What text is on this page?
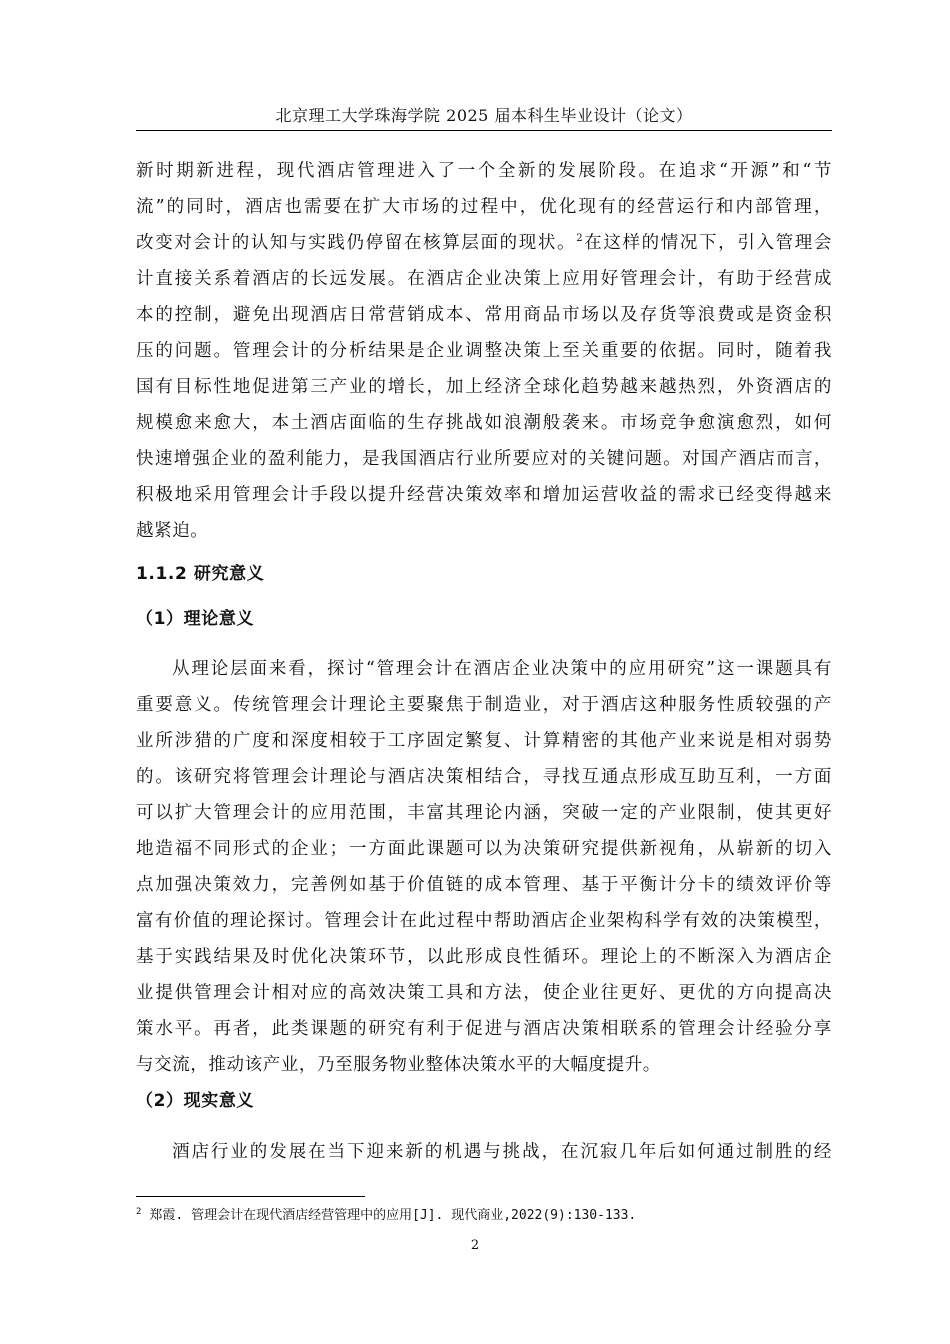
北京理工大学珠海学院 2025 届本科生毕业设计（论文）
新时期新进程，现代酒店管理进入了一个全新的发展阶段。在追求“开源”和“节
流”的同时，酒店也需要在扩大市场的过程中，优化现有的经营运行和内部管理，
改变对会计的认知与实践仍停留在核算层面的现状。$^2$在这样的情况下，引入管理会
计直接关系着酒店的长远发展。在酒店企业决策上应用好管理会计，有助于经营成
本的控制，避免出现酒店日常营销成本、常用商品市场以及存货等浪费或是资金积
压的问题。管理会计的分析结果是企业调整决策上至关重要的依据。同时，随着我
国有目标性地促进第三产业的增长，加上经济全球化趋势越来越热烈，外资酒店的
规模愈来愈大，本土酒店面临的生存挑战如浪潮般袭来。市场竞争愈演愈烈，如何
快速增强企业的盈利能力，是我国酒店行业所要应对的关键问题。对国产酒店而言，
积极地采用管理会计手段以提升经营决策效率和增加运营收益的需求已经变得越来
越紧迫。
1.1.2 研究意义
（1）理论意义
从理论层面来看，探讨“管理会计在酒店企业决策中的应用研究”这一课题具有
重要意义。传统管理会计理论主要聚焦于制造业，对于酒店这种服务性质较强的产
业所涉猎的广度和深度相较于工序固定繁复、计算精密的其他产业来说是相对弱势
的。该研究将管理会计理论与酒店决策相结合，寻找互通点形成互助互利，一方面
可以扩大管理会计的应用范围，丰富其理论内涵，突破一定的产业限制，使其更好
地造福不同形式的企业；一方面此课题可以为决策研究提供新视角，从崭新的切入
点加强决策效力，完善例如基于价值链的成本管理、基于平衡计分卡的绩效评价等
富有价值的理论探讨。管理会计在此过程中帮助酒店企业架构科学有效的决策模型，
基于实践结果及时优化决策环节，以此形成良性循环。理论上的不断深入为酒店企
业提供管理会计相对应的高效决策工具和方法，使企业往更好、更优的方向提高决
策水平。再者，此类课题的研究有利于促进与酒店决策相联系的管理会计经验分享
与交流，推动该产业，乃至服务物业整体决策水平的大幅度提升。
（2）现实意义
酒店行业的发展在当下迎来新的机遇与挑战，在沉寂几年后如何通过制胜的经
$^2$ 郑霞. 管理会计在现代酒店经营管理中的应用[J]. 现代商业,2022(9):130-133.
2
